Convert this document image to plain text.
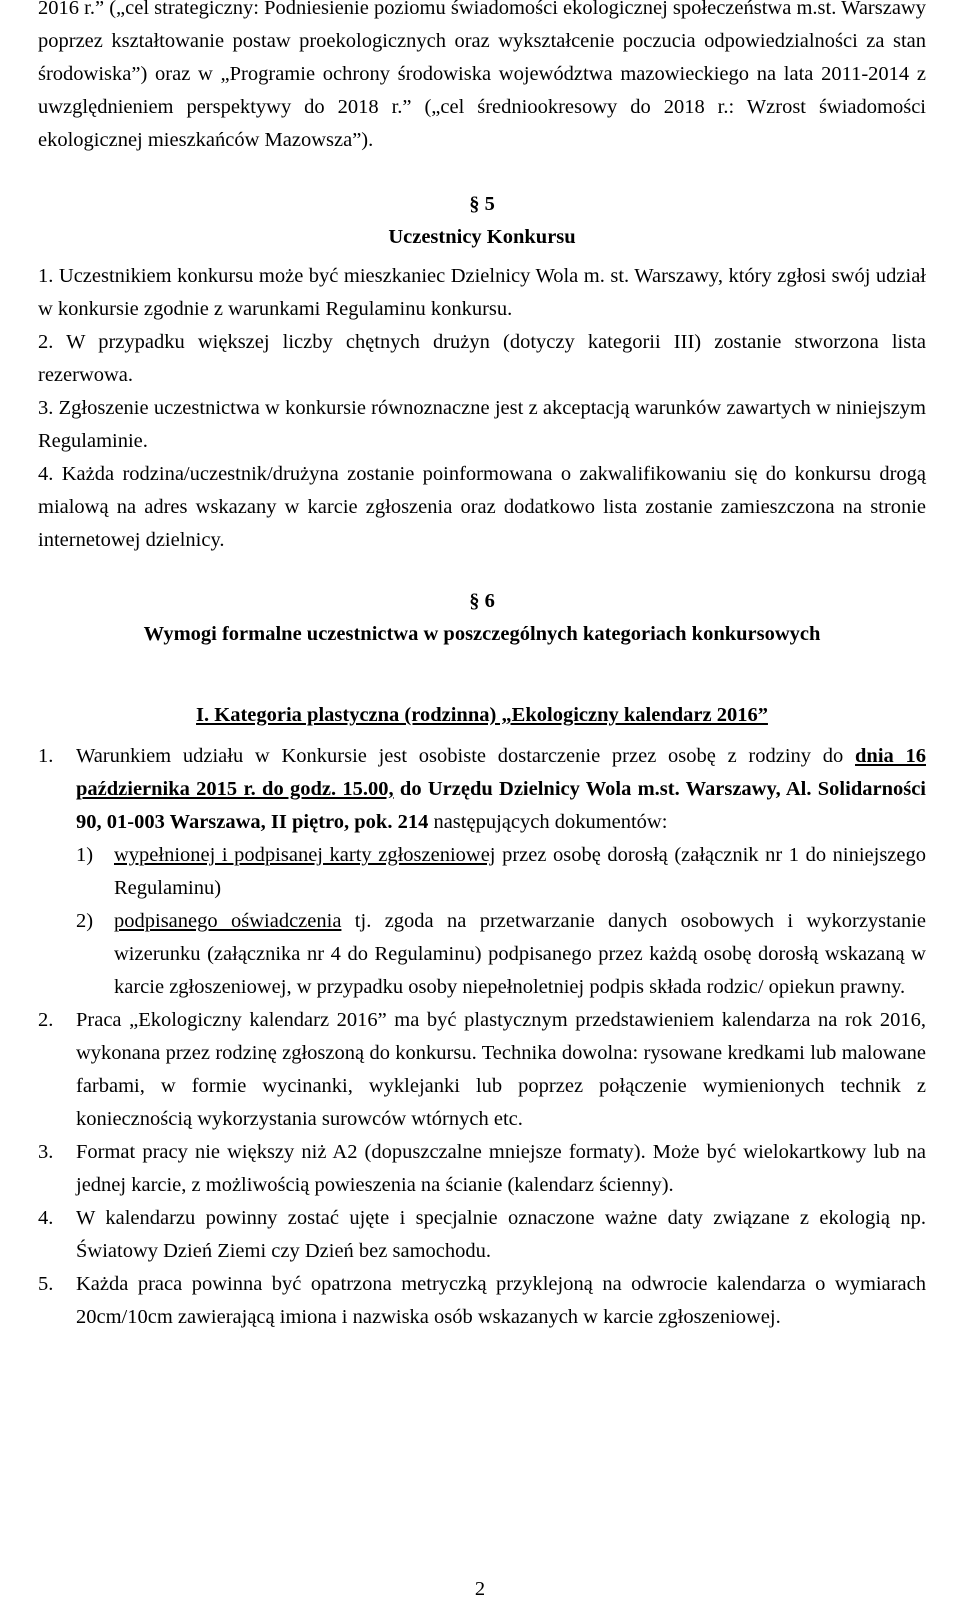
2016 r.” („cel strategiczny: Podniesienie poziomu świadomości ekologicznej społeczeństwa m.st. Warszawy poprzez kształtowanie postaw proekologicznych oraz wykształcenie poczucia odpowiedzialności za stan środowiska”) oraz w „Programie ochrony środowiska województwa mazowieckiego na lata 2011-2014 z uwzględnieniem perspektywy do 2018 r.” („cel średniookresowy do 2018 r.: Wzrost świadomości ekologicznej mieszkańców Mazowsza”).

§ 5
Uczestnicy Konkursu
1. Uczestnikiem konkursu może być mieszkaniec Dzielnicy Wola m. st. Warszawy, który zgłosi swój udział w konkursie zgodnie z warunkami Regulaminu konkursu.
2. W przypadku większej liczby chętnych drużyn (dotyczy kategorii III) zostanie stworzona lista rezerwowa.
3. Zgłoszenie uczestnictwa w konkursie równoznaczne jest z akceptacją warunków zawartych w niniejszym Regulaminie.
4. Każda rodzina/uczestnik/drużyna zostanie poinformowana o zakwalifikowaniu się do konkursu drogą mialową na adres wskazany w karcie zgłoszenia oraz dodatkowo lista zostanie zamieszczona na stronie internetowej dzielnicy.
§ 6
Wymogi formalne uczestnictwa w poszczególnych kategoriach konkursowych

I. Kategoria plastyczna (rodzinna) „Ekologiczny kalendarz 2016”

1. Warunkiem udziału w Konkursie jest osobiste dostarczenie przez osobę z rodziny do dnia 16 października 2015 r. do godz. 15.00, do Urzędu Dzielnicy Wola m.st. Warszawy, Al. Solidarności 90, 01-003 Warszawa, II piętro, pok. 214 następujących dokumentów:
1) wypełnionej i podpisanej karty zgłoszeniowej przez osobę dorosłą (załącznik nr 1 do niniejszego Regulaminu)
2) podpisanego oświadczenia tj. zgoda na przetwarzanie danych osobowych i wykorzystanie wizerunku (załącznika nr 4 do Regulaminu) podpisanego przez każdą osobę dorosłą wskazaną w karcie zgłoszeniowej, w przypadku osoby niepełnoletniej podpis składa rodzic/ opiekun prawny.
2. Praca „Ekologiczny kalendarz 2016” ma być plastycznym przedstawieniem kalendarza na rok 2016, wykonana przez rodzinę zgłoszoną do konkursu. Technika dowolna: rysowane kredkami lub malowane farbami, w formie wycinanki, wyklejanki lub poprzez połączenie wymienionych technik z koniecznością wykorzystania surowców wtórnych etc.
3. Format pracy nie większy niż A2 (dopuszczalne mniejsze formaty). Może być wielokartkowy lub na jednej karcie, z możliwością powieszenia na ścianie (kalendarz ścienny).
4. W kalendarzu powinny zostać ujęte i specjalnie oznaczone ważne daty związane z ekologią np. Światowy Dzień Ziemi czy Dzień bez samochodu.
5. Każda praca powinna być opatrzona metryczką przyklejoną na odwrocie kalendarza o wymiarach 20cm/10cm zawierającą imiona i nazwiska osób wskazanych w karcie zgłoszeniowej.
2
